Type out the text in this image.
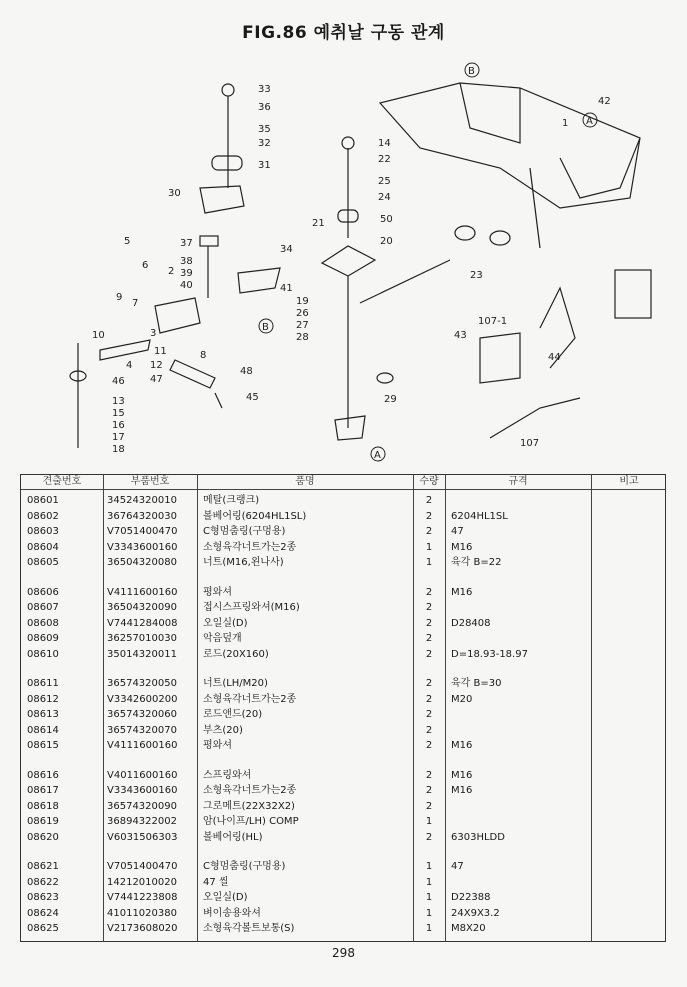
FIG.86 예취날 구동 관계
33
36
35
32
31
30
37
34
38
39
40	41
5
6
9
7
2
3
8
4
10
11
12
47
48
45
46
13
15
16
17
18
14
22
25
24
21	50
20
19
26
27
28
29
23
1
42
107-1
43
44
107
B
B
A
A
견출번호	부품번호	품명	수량	규격	비고
08601	34524320010	메탈(크랭크)	2
08602	36764320030	볼베어링(6204HL1SL)	2 6204HL1SL
08603	V7051400470	C형멈춤링(구멍용)	2 47
08604	V3343600160	소형육각너트가는2종	1 M16
08605	36504320080	너트(M16,왼나사)	1 육각 B=22
08606	V4111600160	평와셔	2 M16
08607	36504320090	접시스프링와셔(M16)	2
08608	V7441284008	오일실(D)	2 D28408
08609	36257010030	악음덮개	2
08610	35014320011	로드(20X160)	2 D=18.93-18.97
08611	36574320050	너트(LH/M20)	2 육각 B=30
08612	V3342600200	소형육각너트가는2종	2 M20
08613	36574320060	로드앤드(20)	2
08614	36574320070	부츠(20)	2
08615	V4111600160	평와셔	2 M16
08616	V4011600160	스프링와셔	2 M16
08617	V3343600160	소형육각너트가는2종	2 M16
08618	36574320090	그로메트(22X32X2)	2
08619	36894322002	암(나이프/LH) COMP	1
08620	V6031506303	볼베어링(HL)	2 6303HLDD
08621	V7051400470	C형멈춤링(구멍용)	1 47
08622	14212010020	47 씰	1
08623	V7441223808	오일실(D)	1 D22388
08624	41011020380	벼이송용와셔	1 24X9X3.2
08625	V2173608020	소형육각볼트보통(S)	1 M8X20
298
